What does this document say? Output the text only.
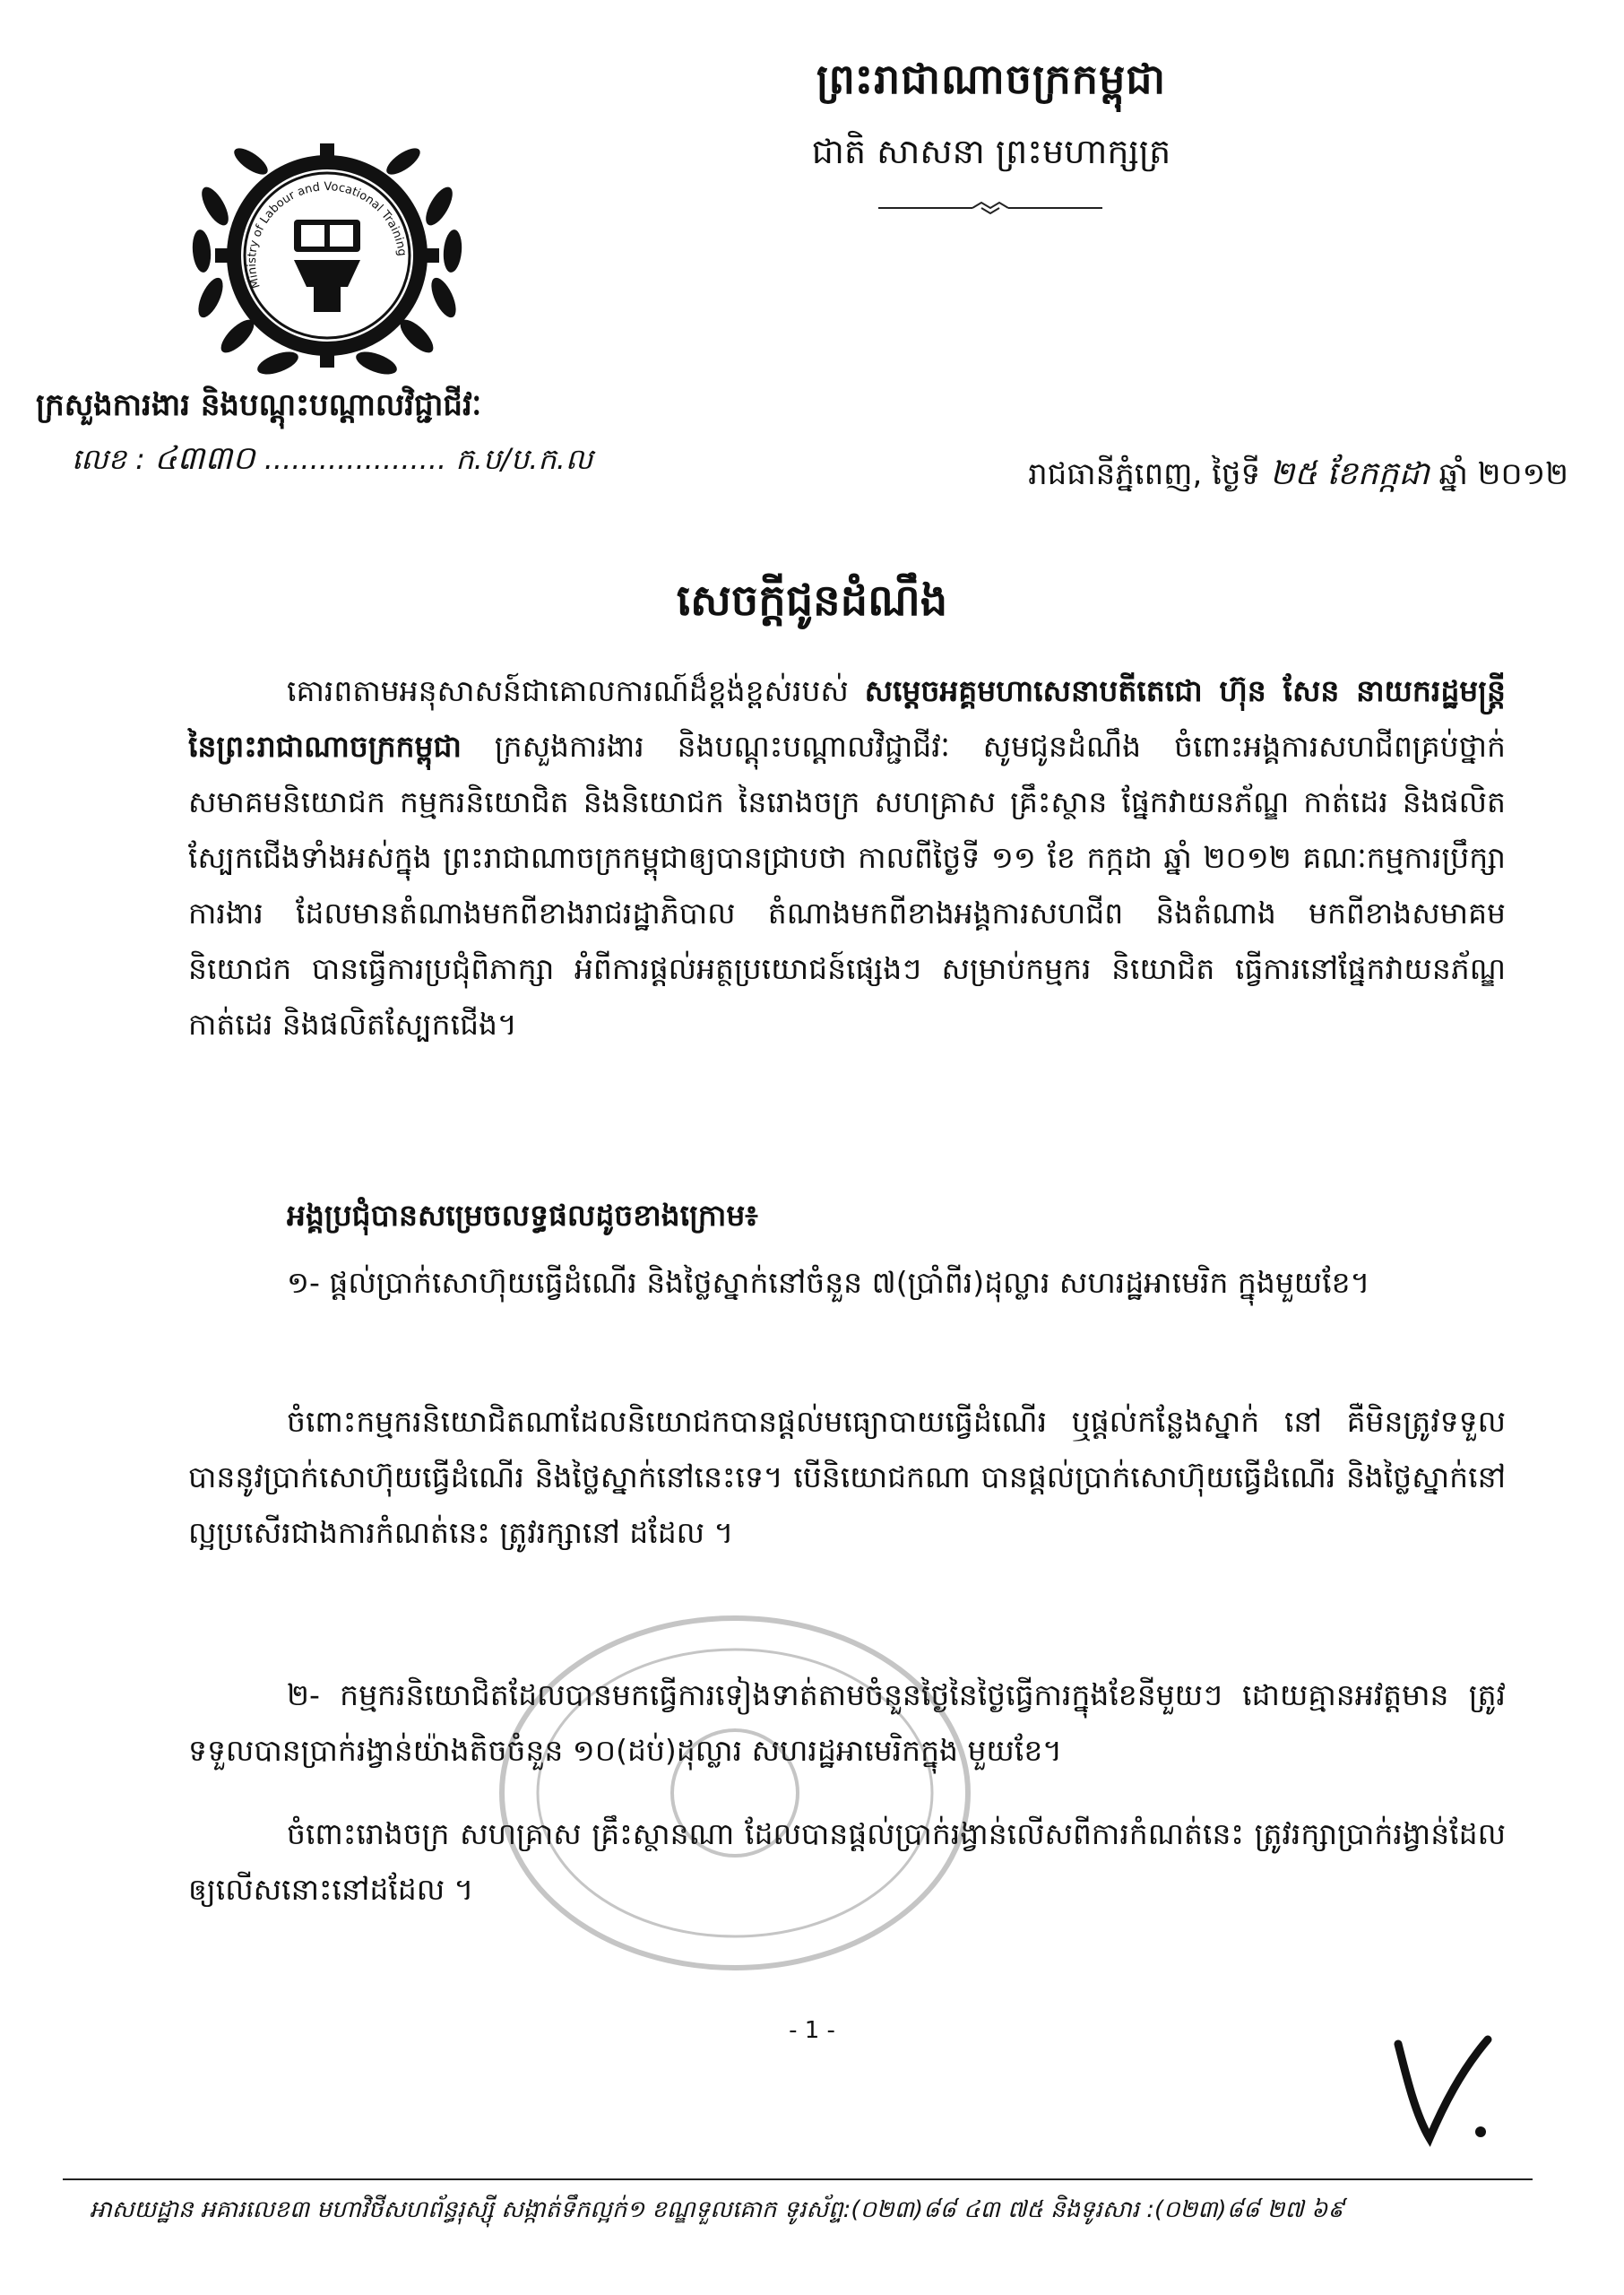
ព្រះរាជាណាចក្រកម្ពុជា
ជាតិ សាសនា ព្រះមហាក្សត្រ
Ministry of Labour and Vocational Training
ក្រសួងការងារ និងបណ្តុះបណ្តាលវិជ្ជាជីវៈ
លេខ : ៤៣៣០ .................... ក.ប/ប.ក.ល	រាជធានីភ្នំពេញ, ថ្ងៃទី ២៥ ខែកក្កដា ឆ្នាំ ២០១២
សេចក្តីជូនដំណឹង
គោរពតាមអនុសាសន៍ជាគោលការណ៍ដ៏ខ្ពង់ខ្ពស់របស់ សម្តេចអគ្គមហាសេនាបតីតេជោ ហ៊ុន សែន នាយករដ្ឋមន្ត្រី នៃព្រះរាជាណាចក្រកម្ពុជា ក្រសួងការងារ និងបណ្តុះបណ្តាលវិជ្ជាជីវៈ សូមជូនដំណឹង ចំពោះអង្គការសហជីពគ្រប់ថ្នាក់ សមាគមនិយោជក កម្មករនិយោជិត និងនិយោជក នៃរោងចក្រ សហគ្រាស គ្រឹះស្ថាន ផ្នែកវាយនភ័ណ្ឌ កាត់ដេរ និងផលិតស្បែកជើងទាំងអស់ក្នុង ព្រះរាជាណាចក្រកម្ពុជាឲ្យបានជ្រាបថា កាលពីថ្ងៃទី ១១ ខែ កក្កដា ឆ្នាំ ២០១២ គណៈកម្មការប្រឹក្សា ការងារ ដែលមានតំណាងមកពីខាងរាជរដ្ឋាភិបាល តំណាងមកពីខាងអង្គការសហជីព និងតំណាង មកពីខាងសមាគមនិយោជក បានធ្វើការប្រជុំពិភាក្សា អំពីការផ្តល់អត្ថប្រយោជន៍ផ្សេងៗ សម្រាប់កម្មករ និយោជិត ធ្វើការនៅផ្នែកវាយនភ័ណ្ឌ កាត់ដេរ និងផលិតស្បែកជើង។
អង្គប្រជុំបានសម្រេចលទ្ធផលដូចខាងក្រោម៖
១- ផ្តល់ប្រាក់សោហ៊ុយធ្វើដំណើរ និងថ្លៃស្នាក់នៅចំនួន ៧(ប្រាំពីរ)ដុល្លារ សហរដ្ឋអាមេរិក ក្នុងមួយខែ។
ចំពោះកម្មករនិយោជិតណាដែលនិយោជកបានផ្តល់មធ្យោបាយធ្វើដំណើរ ឬផ្តល់កន្លែងស្នាក់ នៅ គឺមិនត្រូវទទួលបាននូវប្រាក់សោហ៊ុយធ្វើដំណើរ និងថ្លៃស្នាក់នៅនេះទេ។ បើនិយោជកណា បានផ្តល់ប្រាក់សោហ៊ុយធ្វើដំណើរ និងថ្លៃស្នាក់នៅល្អប្រសើរជាងការកំណត់នេះ ត្រូវរក្សានៅ ដដែល ។
២- កម្មករនិយោជិតដែលបានមកធ្វើការទៀងទាត់តាមចំនួនថ្ងៃនៃថ្ងៃធ្វើការក្នុងខែនីមួយៗ ដោយគ្មានអវត្តមាន ត្រូវទទួលបានប្រាក់រង្វាន់យ៉ាងតិចចំនួន ១០(ដប់)ដុល្លារ សហរដ្ឋអាមេរិកក្នុង មួយខែ។
ចំពោះរោងចក្រ សហគ្រាស គ្រឹះស្ថានណា ដែលបានផ្តល់ប្រាក់រង្វាន់លើសពីការកំណត់នេះ ត្រូវរក្សាប្រាក់រង្វាន់ដែលឲ្យលើសនោះនៅដដែល ។
- 1 -
អាសយដ្ឋាន អគារលេខ៣ មហាវិថីសហព័ន្ធរុស្ស៊ី សង្កាត់ទឹកល្អក់១ ខណ្ឌទួលគោក ទូរស័ព្ទ:(០២៣)៨៨ ៤៣ ៧៥ និងទូរសារ :(០២៣)៨៨ ២៧ ៦៩
